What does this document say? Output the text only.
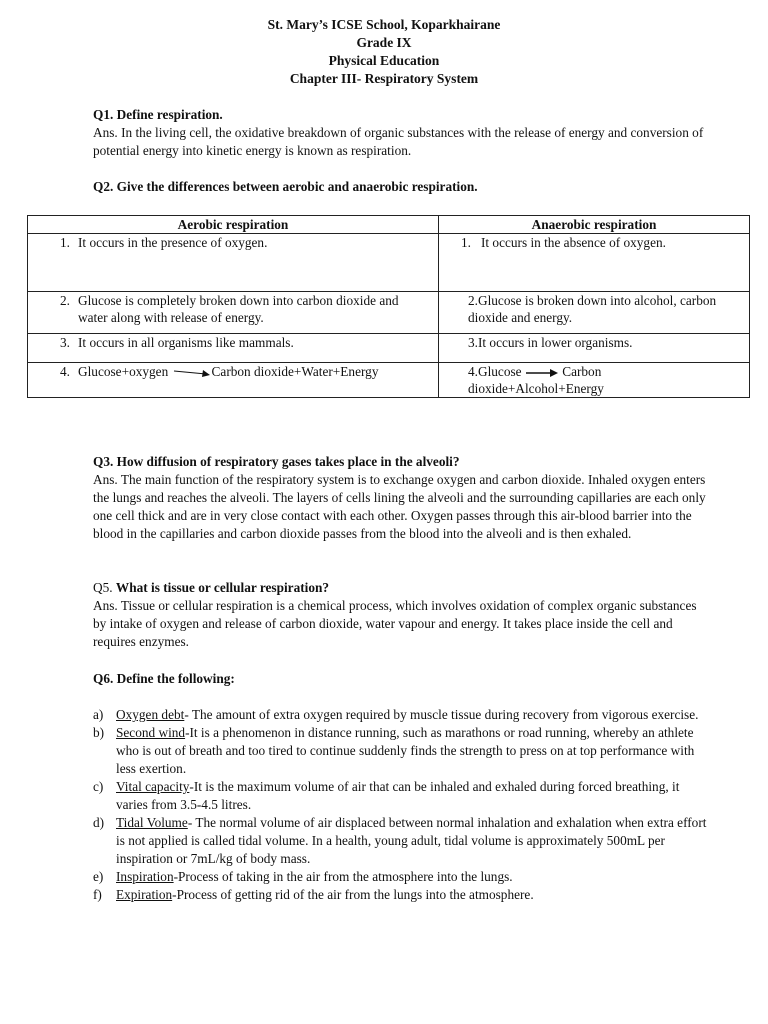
St. Mary’s ICSE School, Koparkhairane
Grade IX
Physical Education
Chapter III- Respiratory System

Q1. Define respiration.

Ans. In the living cell, the oxidative breakdown of organic substances with the release of energy and conversion of potential energy into kinetic energy is known as respiration.

Q2. Give the differences between aerobic and anaerobic respiration.

Aerobic respiration	Anaerobic respiration
1. It occurs in the presence of oxygen.	1. It occurs in the absence of oxygen.
2. Glucose is completely broken down into carbon dioxide and water along with release of energy.	2.Glucose is broken down into alcohol, carbon dioxide and energy.
3. It occurs in all organisms like mammals.	3.It occurs in lower organisms.
4. Glucose+oxygen Carbon dioxide+Water+Energy	4.Glucose Carbon
dioxide+Alcohol+Energy

Q3. How diffusion of respiratory gases takes place in the alveoli?

Ans. The main function of the respiratory system is to exchange oxygen and carbon dioxide. Inhaled oxygen enters the lungs and reaches the alveoli. The layers of cells lining the alveoli and the surrounding capillaries are each only one cell thick and are in very close contact with each other. Oxygen passes through this air-blood barrier into the blood in the capillaries and carbon dioxide passes from the blood into the alveoli and is then exhaled.

Q5. What is tissue or cellular respiration?

Ans. Tissue or cellular respiration is a chemical process, which involves oxidation of complex organic substances by intake of oxygen and release of carbon dioxide, water vapour and energy. It takes place inside the cell and requires enzymes.

Q6. Define the following:

a) Oxygen debt- The amount of extra oxygen required by muscle tissue during recovery from vigorous exercise.

b) Second wind-It is a phenomenon in distance running, such as marathons or road running, whereby an athlete who is out of breath and too tired to continue suddenly finds the strength to press on at top performance with less exertion.

c) Vital capacity-It is the maximum volume of air that can be inhaled and exhaled during forced breathing, it varies from 3.5-4.5 litres.

d) Tidal Volume- The normal volume of air displaced between normal inhalation and exhalation when extra effort is not applied is called tidal volume. In a health, young adult, tidal volume is approximately 500mL per inspiration or 7mL/kg of body mass.

e) Inspiration-Process of taking in the air from the atmosphere into the lungs.

f)	Expiration-Process of getting rid of the air from the lungs into the atmosphere.
